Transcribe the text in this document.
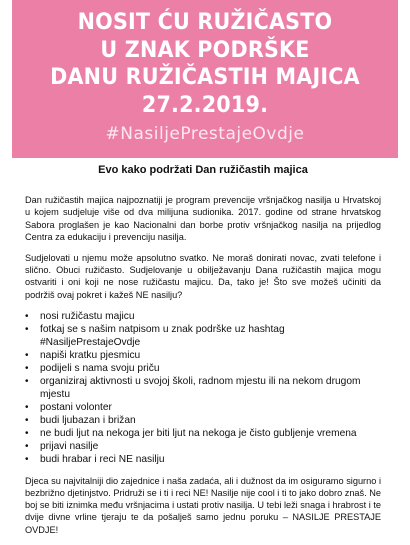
NOSIT ĆU RUŽIČASTO
U ZNAK PODRŠKE
DANU RUŽIČASTIH MAJICA
27.2.2019.
#NasiljePrestajeOvdje
Evo kako podržati Dan ružičastih majica

Dan ružičastih majica najpoznatiji je program prevencije vršnjačkog nasilja u Hrvatskoj u kojem sudjeluje više od dva milijuna sudionika. 2017. godine od strane hrvatskog Sabora proglašen je kao Nacionalni dan borbe protiv vršnjačkog nasilja na prijedlog Centra za edukaciju i prevenciju nasilja.

Sudjelovati u njemu može apsolutno svatko. Ne moraš donirati novac, zvati telefone i slično. Obuci ružičasto. Sudjelovanje u obilježavanju Dana ružičastih majica mogu ostvariti i oni koji ne nose ružičastu majicu. Da, tako je! Što sve možeš učiniti da podržiš ovaj pokret i kažeš NE nasilju?

• nosi ružičastu majicu
• fotkaj se s našim natpisom u znak podrške uz hashtag #NasiljePrestajeOvdje
• napiši kratku pjesmicu
• podijeli s nama svoju priču
• organiziraj aktivnosti u svojoj školi, radnom mjestu ili na nekom drugom mjestu
• postani volonter
• budi ljubazan i brižan
• ne budi ljut na nekoga jer biti ljut na nekoga je čisto gubljenje vremena
• prijavi nasilje
• budi hrabar i reci NE nasilju

Djeca su najvitalniji dio zajednice i naša zadaća, ali i dužnost da im osiguramo sigurno i bezbrižno djetinjstvo. Pridruži se i ti i reci NE! Nasilje nije cool i ti to jako dobro znaš. Ne boj se biti iznimka među vršnjacima i ustati protiv nasilja. U tebi leži snaga i hrabrost i te dvije divne vrline tjeraju te da pošalješ samo jednu poruku – NASILJE PRESTAJE OVDJE!
